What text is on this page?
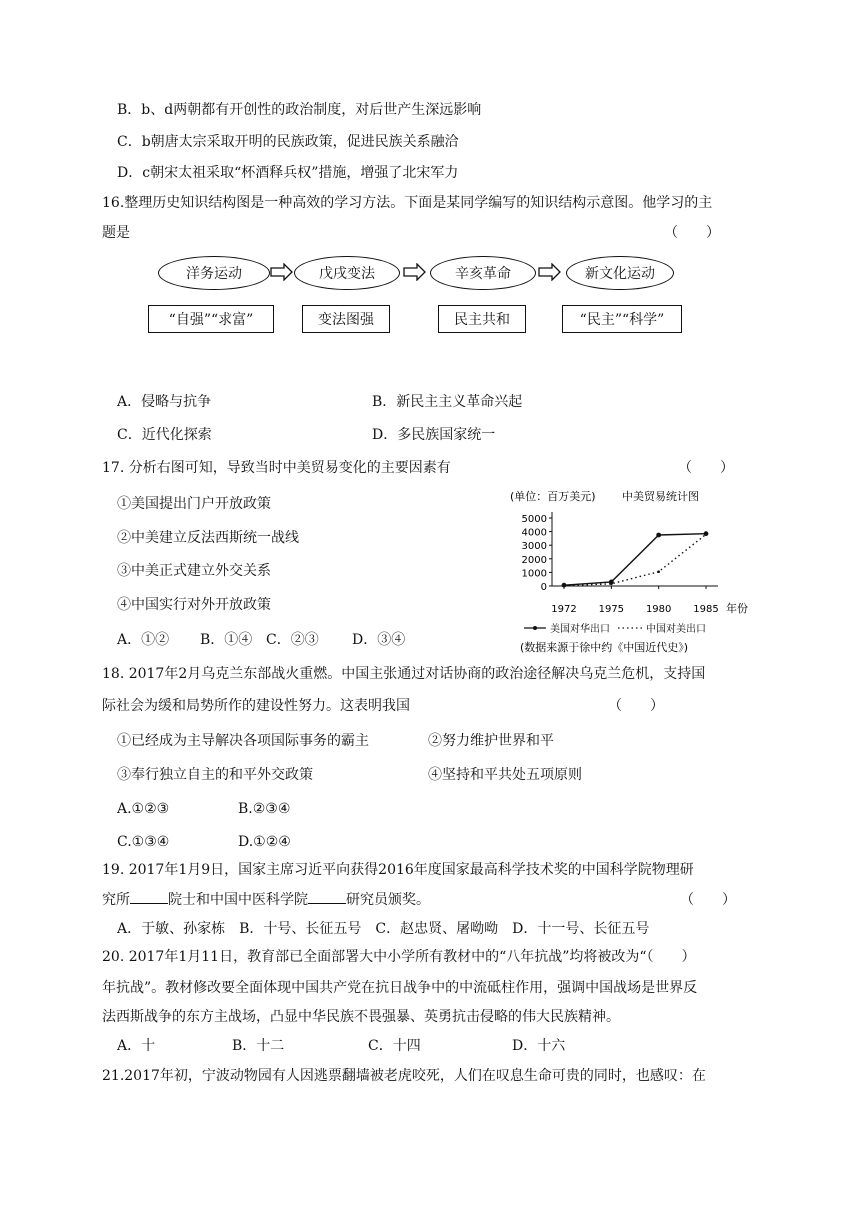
B．b、d两朝都有开创性的政治制度，对后世产生深远影响
C．b朝唐太宗采取开明的民族政策，促进民族关系融洽
D．c朝宋太祖采取“杯酒释兵权”措施，增强了北宋军力
16.整理历史知识结构图是一种高效的学习方法。下面是某同学编写的知识结构示意图。他学习的主
题是	（　　）
洋务运动	戊戌变法	辛亥革命	新文化运动
“自强”“求富”	变法图强	民主共和	“民主”“科学”
A．侵略与抗争	B．新民主主义革命兴起
C．近代化探索	D．多民族国家统一
17. 分析右图可知，导致当时中美贸易变化的主要因素有	（　　）
①美国提出门户开放政策
②中美建立反法西斯统一战线
③中美正式建立外交关系
④中国实行对外开放政策
A．①② B．①④ C．②③ D．③④
(单位：百万美元) 中美贸易统计图
0
1000
2000
3000
4000
5000
1972 1975 1980 1985 年份
美国对华出口	中国对美出口
(数据来源于徐中约《中国近代史》)
18. 2017年2月乌克兰东部战火重燃。中国主张通过对话协商的政治途径解决乌克兰危机，支持国
际社会为缓和局势所作的建设性努力。这表明我国	（　　）
①已经成为主导解决各项国际事务的霸主	②努力维护世界和平
③奉行独立自主的和平外交政策	④坚持和平共处五项原则
A.①②③	B.②③④
C.①③④	D.①②④
19. 2017年1月9日，国家主席习近平向获得2016年度国家最高科学技术奖的中国科学院物理研
究所	院士和中国中医科学院	研究员颁奖。	（　　）
A．于敏、孙家栋　B．十号、长征五号　C．赵忠贤、屠呦呦　D．十一号、长征五号
20. 2017年1月11日，教育部已全面部署大中小学所有教材中的“八年抗战”均将被改为“（　　）
年抗战”。教材修改要全面体现中国共产党在抗日战争中的中流砥柱作用，强调中国战场是世界反
法西斯战争的东方主战场，凸显中华民族不畏强暴、英勇抗击侵略的伟大民族精神。
A．十	B．十二	C．十四	D．十六
21.2017年初，宁波动物园有人因逃票翻墙被老虎咬死，人们在叹息生命可贵的同时，也感叹：在
